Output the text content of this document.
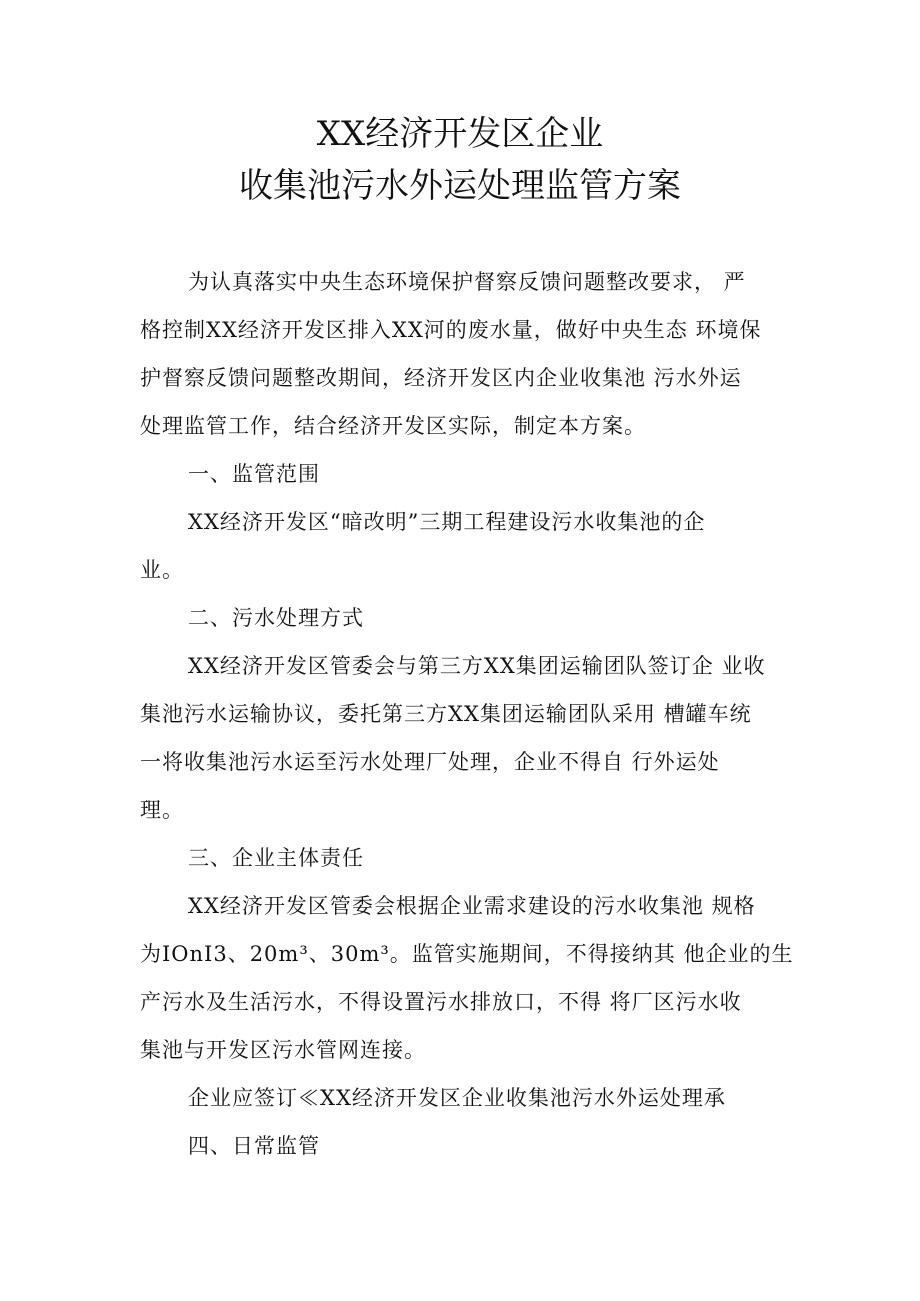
XX经济开发区企业
收集池污水外运处理监管方案

为认真落实中央生态环境保护督察反馈问题整改要求， 严
格控制XX经济开发区排入XX河的废水量，做好中央生态 环境保
护督察反馈问题整改期间，经济开发区内企业收集池 污水外运
处理监管工作，结合经济开发区实际，制定本方案。

一、监管范围

XX经济开发区“暗改明”三期工程建设污水收集池的企
业。

二、污水处理方式

XX经济开发区管委会与第三方XX集团运输团队签订企 业收
集池污水运输协议，委托第三方XX集团运输团队采用 槽罐车统
一将收集池污水运至污水处理厂处理，企业不得自 行外运处
理。

三、企业主体责任

XX经济开发区管委会根据企业需求建设的污水收集池 规格
为IOnI3、20m³、30m³。监管实施期间，不得接纳其 他企业的生
产污水及生活污水，不得设置污水排放口，不得 将厂区污水收
集池与开发区污水管网连接。

企业应签订≪XX经济开发区企业收集池污水外运处理承

四、日常监管
